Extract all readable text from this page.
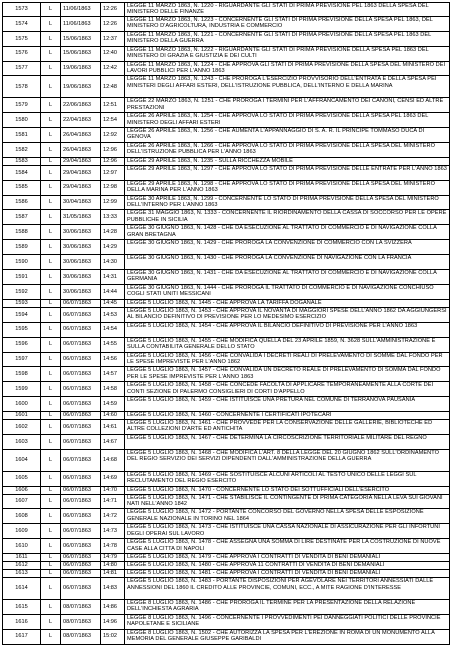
1573	L	11/06/1863	12:26
LEGGE 11 MARZO 1863, N. 1220 - RIGUARDANTE GLI STATI DI PRIMA PREVISIONE PEL 1863 DELLA SPESA DEL MINISTERO DELLE FINANZE
1574	L	11/06/1863	12:26
LEGGE 11 MARZO 1863, N. 1223 - CONCERNENTE GLI STATI DI PRIMA PREVISIONE DELLA SPESA PEL 1863, DEL MINISTERO D'AGRICOLTURA, INDUSTRIA E COMMERCIO
1575	L	15/06/1863	12:37
LEGGE 11 MARZO 1863, N. 1221 - CONCERNENTE GLI STATI DI PRIMA PREVISIONE DELLA SPESA PEL 1863 DEL MINISTERO DELLA GUERRA
1576	L	15/06/1863	12:40
LEGGE 11 MARZO 1863, N. 1222 - RIGUARDANTE GLI STATI DI PRIMA PREVISIONE DELLA SPESA PEL 1863 DEL MINISTERO DI GRAZIA E GIUSTIZIA E DEI CULTI
1577	L	19/06/1863	12:42
LEGGE 11 MARZO 1863, N. 1224 - CHE APPROVA GLI STATI DI PRIMA PREVISIONE DELLA SPESA DEL MINISTERO DEI LAVORI PUBBLICI PER L'ANNO 1863
1578	L	19/06/1863	12:48
LEGGE 11 MARZO 1863, N. 1243 - CHE PROROGA L'ESERCIZIO PROVVISORIO DELL'ENTRATA E DELLA SPESA PEI MINISTERI DEGLI AFFARI ESTERI, DELL'ISTRUZIONE PUBBLICA, DELL'INTERNO E DELLA MARINA
1579	L	22/06/1863	12:51
LEGGE 22 MARZO 1863, N. 1251 - CHE PROROGA I TERMINI PER L'AFFRANCAMENTO DEI CANONI, CENSI ED ALTRE PRESTAZIONI
1580	L	22/04/1863	12:54
LEGGE 26 APRILE 1863, N. 1254 - CHE APPROVA LO STATO DI PRIMA PREVISIONE DELLA SPESA PEL 1863 DEL MINISTERO DEGLI AFFARI ESTERI
1581	L	26/04/1863	12:92
LEGGE 26 APRILE 1863, N. 1256 - CHE AUMENTA L'APPANNAGGIO DI S. A. R. IL PRINCIPE TOMMASO DUCA DI GENOVA
1582	L	26/04/1863	12:96
LEGGE 26 APRILE 1863, N. 1266 - CHE APPROVA LO STATO DI PRIMA PREVISIONE DELLA SPESA DEL MINISTERO DELL'ISTRUZIONE PUBBLICA PER L'ANNO 1863
1583	L	29/04/1863	12:96	LEGGE 29 APRILE 1863, N. 1235 - SULLA RICCHEZZA MOBILE
1584	L	29/04/1863	12:97
LEGGE 29 APRILE 1863, N. 1297 - CHE APPROVA LO STATO DI PRIMA PREVISIONE DELLE ENTRATE PER L'ANNO 1863
1585	L	29/04/1863	12:98
LEGGE 29 APRILE 1863, N. 1298 - CHE APPROVA LO STATO DI PRIMA PREVISIONE DELLA SPESA DEL MINISTERO DELLA MARINA PER L'ANNO 1863
1586	L	30/04/1863	12:99
LEGGE 30 APRILE 1863, N. 1299 - CONCERNENTE LO STATO DI PRIMA PREVISIONE DELLA SPESA DEL MINISTERO DELL'INTERNO PER L'ANNO 1863
1587	L	31/05/1863	13:33
LEGGE 31 MAGGIO 1863, N. 1333 - CONCERNENTE IL RIORDINAMENTO DELLA CASSA DI SOCCORSO PER LE OPERE PUBBLICHE IN SICILIA
1588	L	30/06/1863	14:28
LEGGE 30 GIUGNO 1863, N. 1428 - CHE DA ESECUZIONE AL TRATTATO DI COMMERCIO E DI NAVIGAZIONE COLLA GRAN BRETAGNA
1589	L	30/06/1863	14:29
LEGGE 30 GIUGNO 1863, N. 1429 - CHE PROROGA LA CONVENZIONE DI COMMERCIO CON LA SVIZZERA
1590	L	30/06/1863	14:30
LEGGE 30 GIUGNO 1863, N. 1430 - CHE PROROGA LA CONVENZIONE DI NAVIGAZIONE CON LA FRANCIA
1591	L	30/06/1863	14:31
LEGGE 30 GIUGNO 1863, N. 1431 - CHE DA ESECUZIONE AL TRATTATO DI COMMERCIO E DI NAVIGAZIONE COLLA GERMANIA
1592	L	30/06/1863	14:44
LEGGE 30 GIUGNO 1863, N. 1444 - CHE PROROGA IL TRATTATO DI COMMERCIO E DI NAVIGAZIONE CONCHIUSO COGLI STATI UNITI MESSICANI
1593	L	06/07/1863	14:45	LEGGE 5 LUGLIO 1863, N. 1445 - CHE APPROVA LA TARIFFA DOGANALE
1594	L	06/07/1863	14:53
LEGGE 5 LUGLIO 1863, N. 1453 - CHE APPROVA IL NOVANTA DI MAGGIORI SPESE DELL'ANNO 1862 DA AGGIUNGERSI AL BILANCIO DEFINITIVO DI PREVISIONE PER LO MEDESIMO ESERCIZIO
1595	L	06/07/1863	14:54
LEGGE 5 LUGLIO 1863, N. 1454 - CHE APPROVA IL BILANCIO DEFINITIVO DI PREVISIONE PER L'ANNO 1863
1596	L	06/07/1863	14:55
LEGGE 5 LUGLIO 1863, N. 1455 - CHE MODIFICA QUELLA DEL 23 APRILE 1859, N. 3628 SULL'AMMINISTRAZIONE E SULLA CONTABILITA GENERALE DELLO STATO
1597	L	06/07/1863	14:56
LEGGE 5 LUGLIO 1863, N. 1456 - CHE CONVALIDA I DECRETI REALI DI PRELEVAMENTO DI SOMME DAL FONDO PER LE SPESE IMPREVISTE PER L'ANNO 1862
1598	L	06/07/1863	14:57
LEGGE 5 LUGLIO 1863, N. 1457 - CHE CONVALIDA UN DECRETO REALE DI PRELEVAMENTO DI SOMMA DAL FONDO PER LE SPESE IMPREVISTE PER L'ANNO 1863
1599	L	06/07/1863	14:58
LEGGE 5 LUGLIO 1863, N. 1458 - CHE CONCEDE FACOLTA DI APPLICARE TEMPORANEAMENTE ALLA CORTE DEI CONTI SEZIONE DI PALERMO CONSIGLIERI DI CORTI D'APPELLO
1600	L	06/07/1863	14:59
LEGGE 5 LUGLIO 1863, N. 1459 - CHE ISTITUISCE UNA PRETURA NEL COMUNE DI TERRANOVA PAUSANIA
1601	L	06/07/1863	14:60	LEGGE 5 LUGLIO 1863, N. 1460 - CONCERNENTE I CERTIFICATI IPOTECARI
1602	L	06/07/1863	14:61
LEGGE 5 LUGLIO 1863, N. 1461 - CHE PROVVEDE PER LA CONSERVAZIONE DELLE GALLERIE, BIBLIOTECHE ED ALTRE COLLEZIONI D'ARTE ED ANTICHITA
1603	L	06/07/1863	14:67
LEGGE 5 LUGLIO 1863, N. 1467 - CHE DETERMINA LA CIRCOSCRIZIONE TERRITORIALE MILITARE DEL REGNO
1604	L	06/07/1863	14:68
LEGGE 5 LUGLIO 1863, N. 1468 - CHE MODIFICA L'ART. 8 DELLA LEGGE DEL 20 GIUGNO 1862 SULL'ORDINAMENTO DEL REGIO SERVIZIO DEI SERVIZI DIPENDENTI DALL'AMMINISTRAZIONE DELLA GUERRA
1605	L	06/07/1863	14:69
LEGGE 5 LUGLIO 1863, N. 1469 - CHE SOSTITUISCE ALCUNI ARTICOLI AL TESTO UNICO DELLE LEGGI SUL RECLUTAMENTO DEL REGIO ESERCITO
1606	L	06/07/1863	14:70	LEGGE 5 LUGLIO 1863, N. 1470 - CONCERNENTE LO STATO DEI SOTTUFFICIALI DELL'ESERCITO
1607	L	06/07/1863	14:71
LEGGE 5 LUGLIO 1863, N. 1471 - CHE STABILISCE IL CONTINGENTE DI PRIMA CATEGORIA NELLA LEVA SUI GIOVANI NATI NELL'ANNO 1842
1608	L	06/07/1863	14:72
LEGGE 5 LUGLIO 1863, N. 1472 - PORTANTE CONCORSO DEL GOVERNO NELLA SPESA DELLE ESPOSIZIONE GENERALE NAZIONALE IN TORINO NEL 1864
1609	L	06/07/1863	14:73
LEGGE 5 LUGLIO 1863, N. 1473 - CHE ISTITUISCE UNA CASSA NAZIONALE DI ASSICURAZIONE PER GLI INFORTUNI DEGLI OPERAI SUL LAVORO
1610	L	06/07/1863	14:78
LEGGE 5 LUGLIO 1863, N. 1478 - CHE ASSEGNA UNA SOMMA DI LIRE DESTINATE PER LA COSTRUZIONE DI NUOVE CASE ALLA CITTA DI NAPOLI
1611	L	06/07/1863	14:79	LEGGE 5 LUGLIO 1863, N. 1479 - CHE APPROVA I CONTRATTI DI VENDITA DI BENI DEMANIALI
1612	L	06/07/1863	14:80	LEGGE 5 LUGLIO 1863, N. 1480 - CHE APPROVA 11 CONTRATTI DI VENDITA DI BENI DEMANIALI
1613	L	06/07/1863	14:81	LEGGE 5 LUGLIO 1863, N. 1481 - CHE APPROVA I CONTRATTI DI VENDITA DI BENI DEMANIALI
1614	L	06/07/1863	14:83
LEGGE 5 LUGLIO 1863, N. 1483 - PORTANTE DISPOSIZIONI PER AGEVOLARE NEI TERRITORI ANNESSIATI DALLE ANNESSIONI DEL 1860 IL CREDITO ALLE PROVINCIE, COMUNI, ECC., A MITE RAGIONE D'INTERESSE
1615	L	08/07/1863	14:86
LEGGE 8 LUGLIO 1863, N. 1486 - CHE PROROGA IL TERMINE PER LA PRESENTAZIONE DELLA RELAZIONE DELL'INCHIESTA AGRARIA
1616	L	08/07/1863	14:96
LEGGE 8 LUGLIO 1863, N. 1496 - CONCERNENTE I PROVVEDIMENTI PEI DANNEGGIATI POLITICI DELLE PROVINCIE NAPOLETANE E SICILIANE
1617	L	08/07/1863	15:02
LEGGE 8 LUGLIO 1863, N. 1502 - CHE AUTORIZZA LA SPESA PER L'EREZIONE IN ROMA DI UN MONUMENTO ALLA MEMORIA DEL GENERALE GIUSEPPE GARIBALDI
